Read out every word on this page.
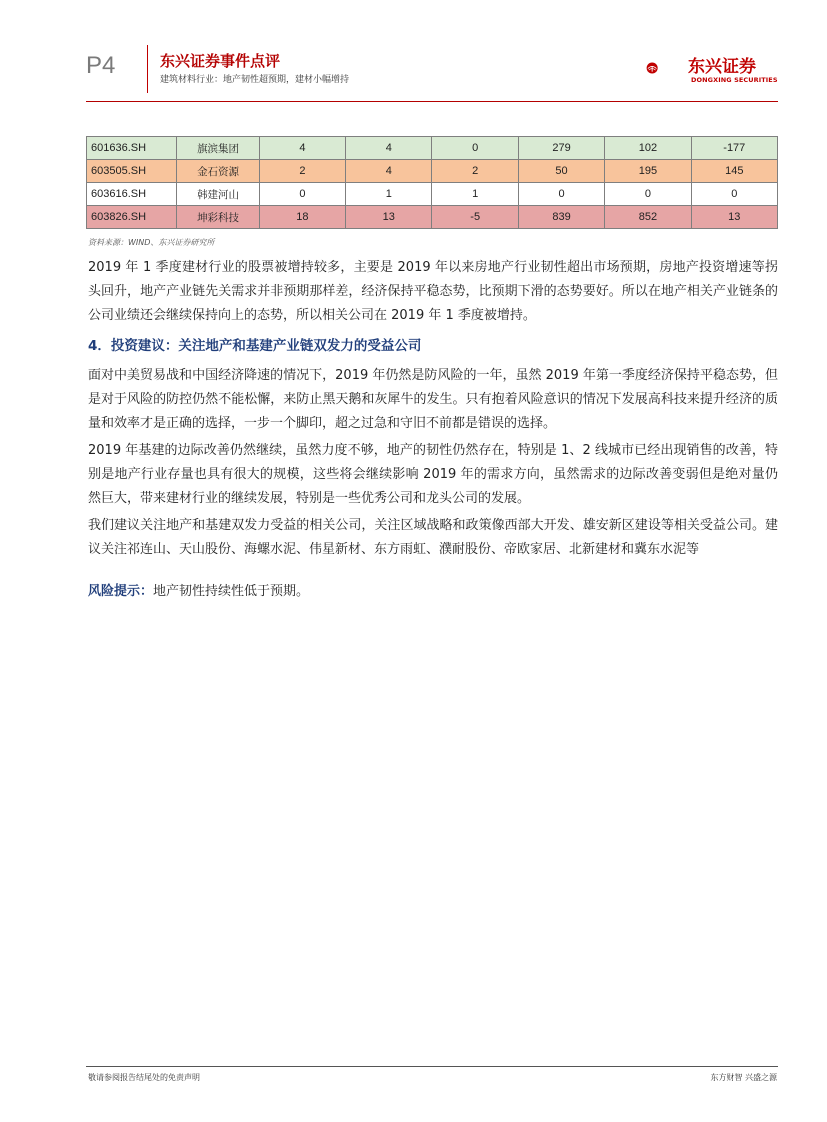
P4	东兴证券事件点评
建筑材料行业：地产韧性超预期，建材小幅增持
东兴证券
DONGXING SECURITIES
601636.SH	旗滨集团	4	4	0	279	102	-177
603505.SH	金石资源	2	4	2	50	195	145
603616.SH	韩建河山	0	1	1	0	0	0
603826.SH	坤彩科技	18	13	-5	839	852	13
资料来源：WIND、东兴证券研究所
2019 年 1 季度建材行业的股票被增持较多，主要是 2019 年以来房地产行业韧性超出市场预期，房地产投资增速等拐头回升，地产产业链先关需求并非预期那样差，经济保持平稳态势，比预期下滑的态势要好。所以在地产相关产业链条的公司业绩还会继续保持向上的态势，所以相关公司在 2019 年 1 季度被增持。
4．投资建议：关注地产和基建产业链双发力的受益公司
面对中美贸易战和中国经济降速的情况下，2019 年仍然是防风险的一年，虽然 2019 年第一季度经济保持平稳态势，但是对于风险的防控仍然不能松懈，来防止黑天鹅和灰犀牛的发生。只有抱着风险意识的情况下发展高科技来提升经济的质量和效率才是正确的选择，一步一个脚印，超之过急和守旧不前都是错误的选择。
2019 年基建的边际改善仍然继续，虽然力度不够，地产的韧性仍然存在，特别是 1、2 线城市已经出现销售的改善，特别是地产行业存量也具有很大的规模，这些将会继续影响 2019 年的需求方向，虽然需求的边际改善变弱但是绝对量仍然巨大，带来建材行业的继续发展，特别是一些优秀公司和龙头公司的发展。
我们建议关注地产和基建双发力受益的相关公司，关注区域战略和政策像西部大开发、雄安新区建设等相关受益公司。建议关注祁连山、天山股份、海螺水泥、伟星新材、东方雨虹、濮耐股份、帝欧家居、北新建材和冀东水泥等
风险提示：地产韧性持续性低于预期。
敬请参阅报告结尾处的免责声明	东方财智 兴盛之源
